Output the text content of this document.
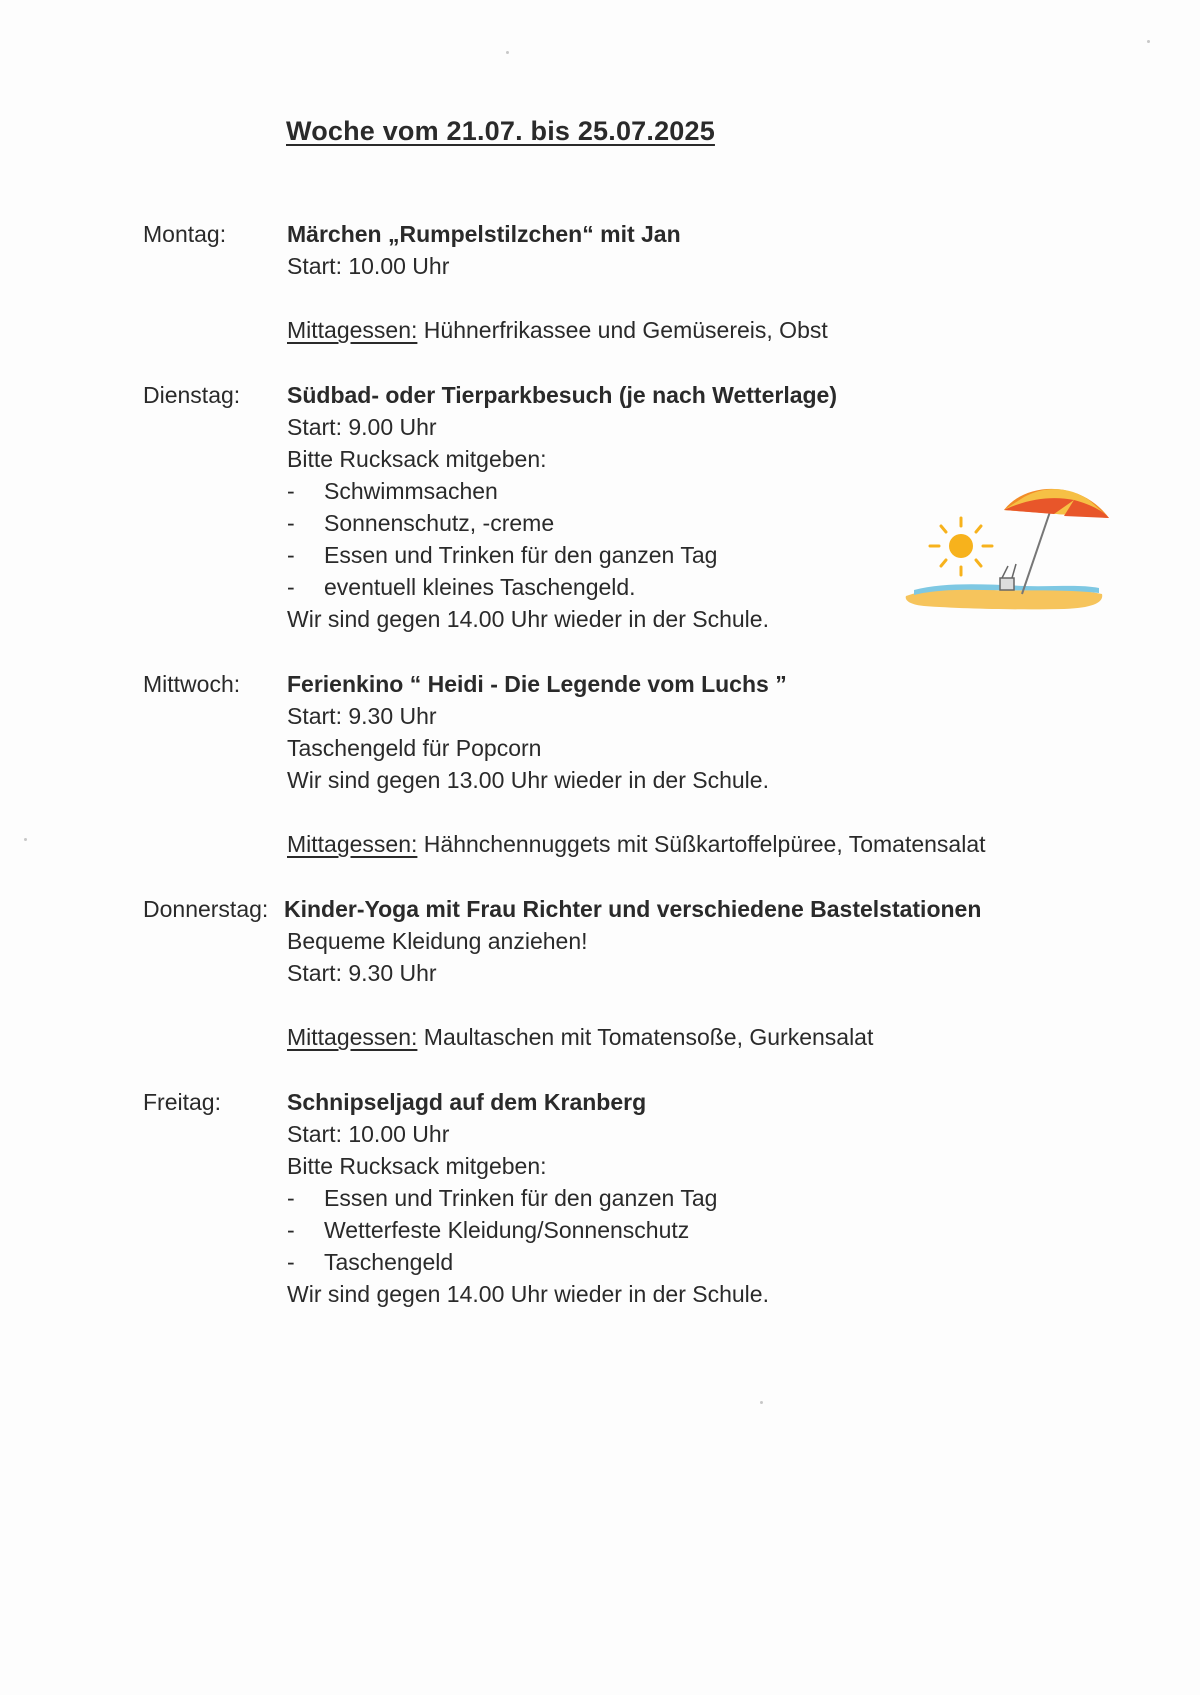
Woche vom 21.07. bis 25.07.2025
Montag:	Märchen „Rumpelstilzchen“ mit Jan
Start: 10.00 Uhr
Mittagessen: Hühnerfrikassee und Gemüsereis, Obst
Dienstag: Südbad- oder Tierparkbesuch (je nach Wetterlage)
Start: 9.00 Uhr
Bitte Rucksack mitgeben:
-	Schwimmsachen
-	Sonnenschutz, -creme
-	Essen und Trinken für den ganzen Tag
-	eventuell kleines Taschengeld.
Wir sind gegen 14.00 Uhr wieder in der Schule.
Mittwoch: Ferienkino “ Heidi - Die Legende vom Luchs ”
Start: 9.30 Uhr
Taschengeld für Popcorn
Wir sind gegen 13.00 Uhr wieder in der Schule.
Mittagessen: Hähnchennuggets mit Süßkartoffelpüree, Tomatensalat
Donnerstag: Kinder-Yoga mit Frau Richter und verschiedene Bastelstationen
Bequeme Kleidung anziehen!
Start: 9.30 Uhr
Mittagessen: Maultaschen mit Tomatensoße, Gurkensalat
Freitag:	Schnipseljagd auf dem Kranberg
Start: 10.00 Uhr
Bitte Rucksack mitgeben:
-	Essen und Trinken für den ganzen Tag
-	Wetterfeste Kleidung/Sonnenschutz
-	Taschengeld
Wir sind gegen 14.00 Uhr wieder in der Schule.
